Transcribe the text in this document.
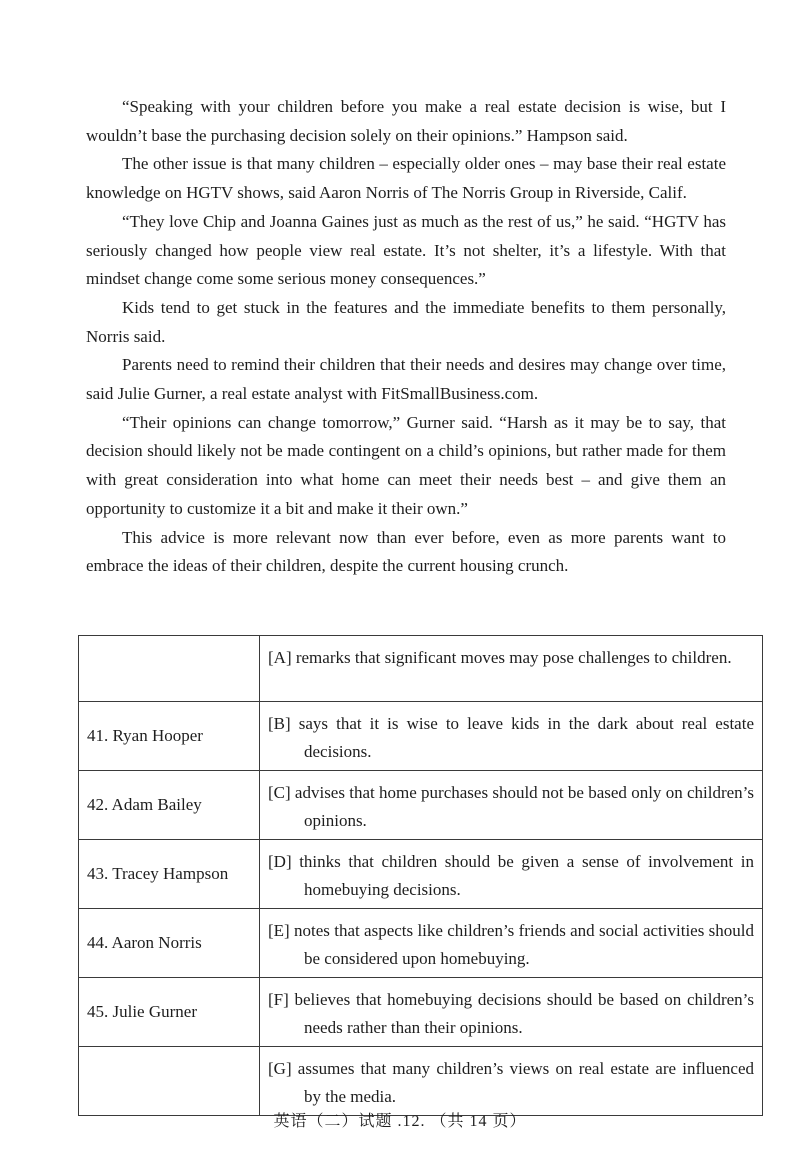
“Speaking with your children before you make a real estate decision is wise, but I wouldn’t base the purchasing decision solely on their opinions.” Hampson said.

The other issue is that many children – especially older ones – may base their real estate knowledge on HGTV shows, said Aaron Norris of The Norris Group in Riverside, Calif.

“They love Chip and Joanna Gaines just as much as the rest of us,” he said. “HGTV has seriously changed how people view real estate. It’s not shelter, it’s a lifestyle. With that mindset change come some serious money consequences.”

Kids tend to get stuck in the features and the immediate benefits to them personally, Norris said.

Parents need to remind their children that their needs and desires may change over time, said Julie Gurner, a real estate analyst with FitSmallBusiness.com.

“Their opinions can change tomorrow,” Gurner said. “Harsh as it may be to say, that decision should likely not be made contingent on a child’s opinions, but rather made for them with great consideration into what home can meet their needs best – and give them an opportunity to customize it a bit and make it their own.”

This advice is more relevant now than ever before, even as more parents want to embrace the ideas of their children, despite the current housing crunch.

	[A] remarks that significant moves may pose challenges to children.

41. Ryan Hooper	[B] says that it is wise to leave kids in the dark about real estate decisions.

42. Adam Bailey	[C] advises that home purchases should not be based only on children’s opinions.

43. Tracey Hampson	[D] thinks that children should be given a sense of involvement in homebuying decisions.

44. Aaron Norris	[E] notes that aspects like children’s friends and social activities should be considered upon homebuying.

45. Julie Gurner	[F] believes that homebuying decisions should be based on children’s needs rather than their opinions.

	[G] assumes that many children’s views on real estate are influenced by the media.
英语（二）试题 .12. （共 14 页）
